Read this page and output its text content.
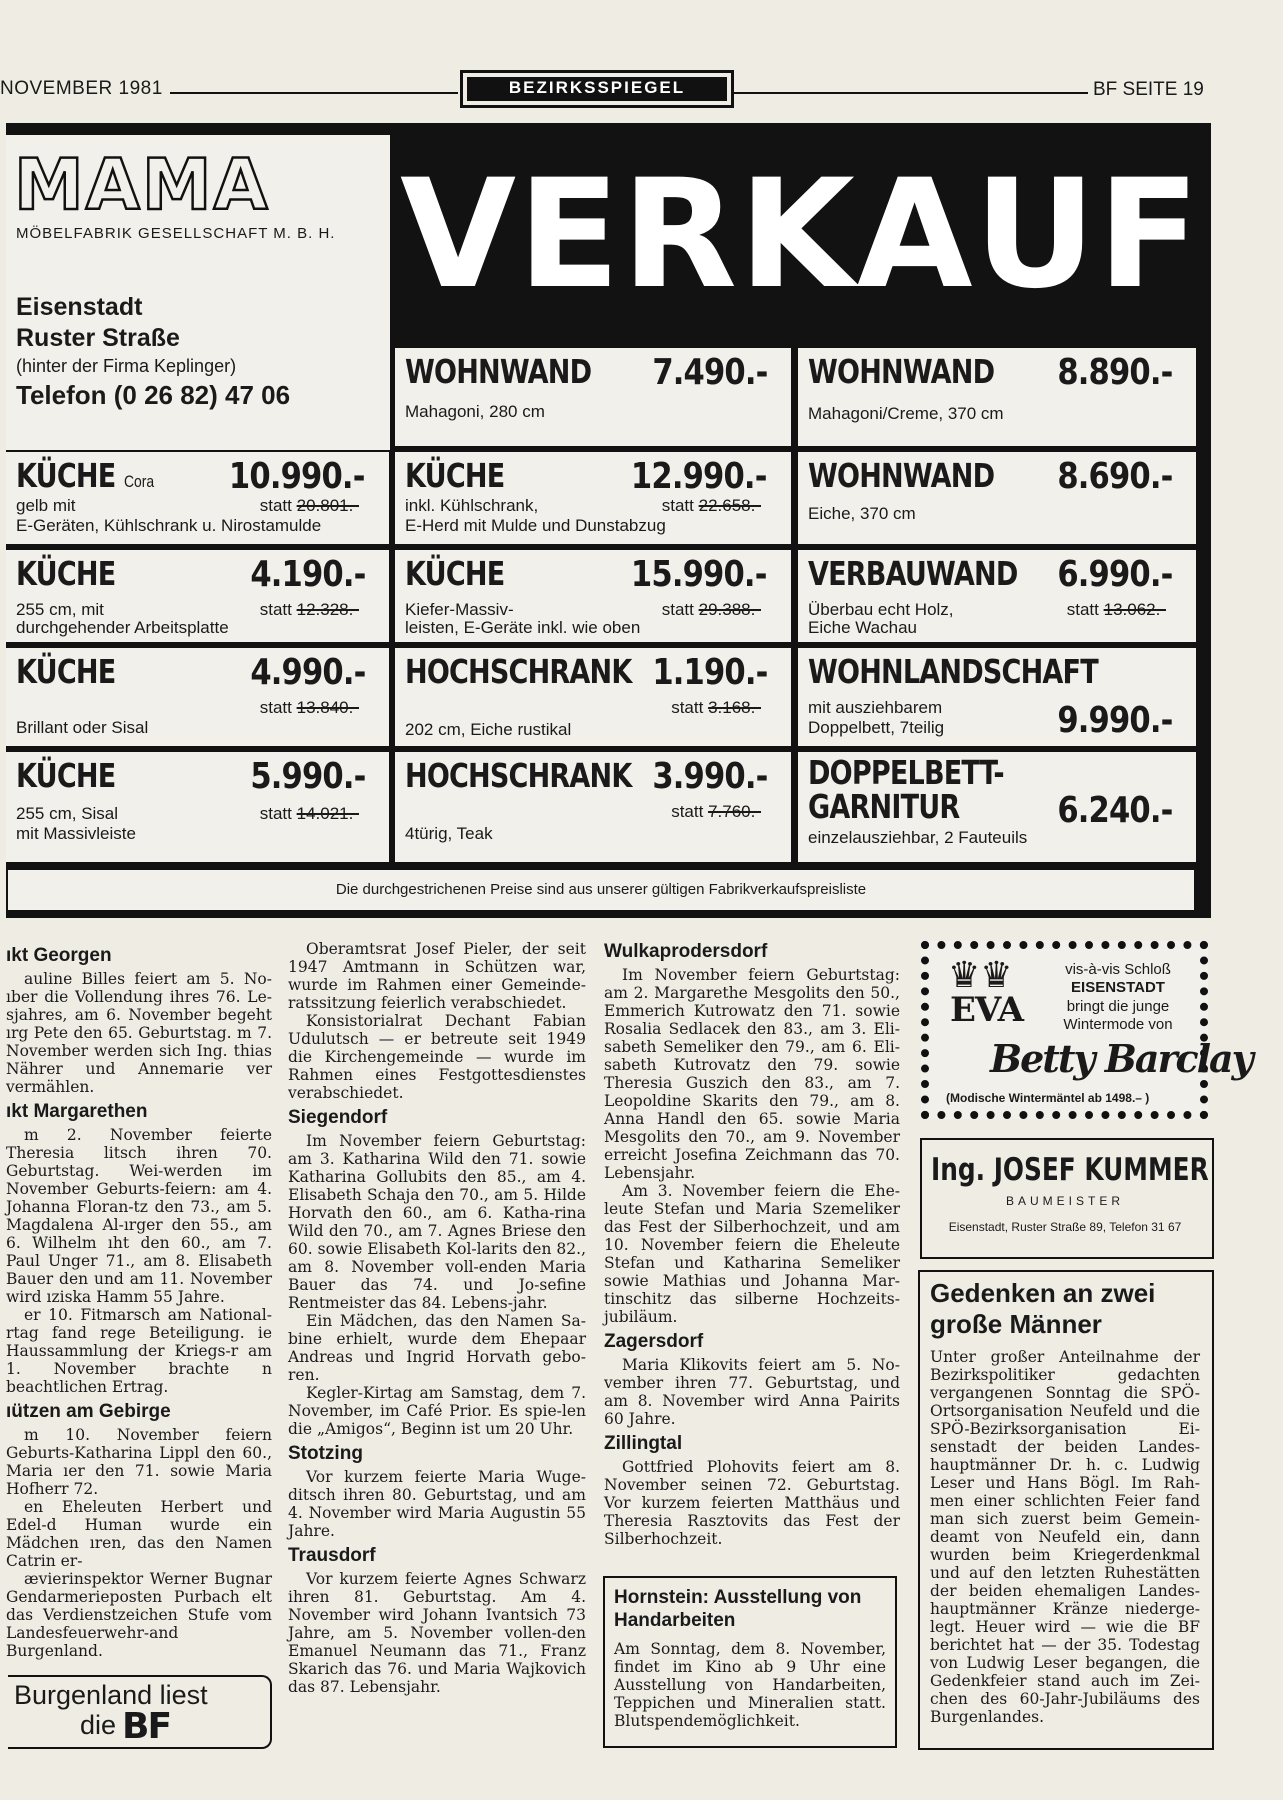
NOVEMBER 1981	BEZIRKSSPIEGEL	BF SEITE 19
MAMA
MÖBELFABRIK GESELLSCHAFT M. B. H.
Eisenstadt
Ruster Straße
(hinter der Firma Keplinger)
Telefon (0 26 82) 47 06
V E R K A U F
WOHNWAND 7.490.-
Mahagoni, 280 cm
WOHNWAND 8.890.-
Mahagoni/Creme, 370 cm
KÜCHE Cora 10.990.-
gelb mit
E-Geräten, Kühlschrank u. Nirostamulde
statt 20.801.-
KÜCHE	12.990.-
inkl. Kühlschrank,
E-Herd mit Mulde und Dunstabzug
statt 22.658.-
WOHNWAND 8.690.-
Eiche, 370 cm
KÜCHE	4.190.-
255 cm, mit
durchgehender Arbeitsplatte
statt 12.328.-
KÜCHE	15.990.-
Kiefer-Massiv-
leisten, E-Geräte inkl. wie oben
statt 29.388.-
VERBAUWAND 6.990.-
Überbau echt Holz,
Eiche Wachau
statt 13.062.-
KÜCHE	4.990.-
Brillant oder Sisal
statt 13.840.-
HOCHSCHRANK 1.190.-
202 cm, Eiche rustikal
statt 3.168.-
WOHNLANDSCHAFT
mit ausziehbarem
Doppelbett, 7teilig	9.990.-
KÜCHE	5.990.-
255 cm, Sisal
mit Massivleiste
statt 14.021.-
HOCHSCHRANK 3.990.-
4türig, Teak
statt 7.760.-
DOPPELBETT-
GARNITUR	6.240.-
einzelausziehbar, 2 Fauteuils
Die durchgestrichenen Preise sind aus unserer gültigen Fabrikverkaufspreisliste
ıkt Georgen

auline Billes feiert am 5. No-ıber die Vollendung ihres 76. Le-sjahres, am 6. November begeht ırg Pete den 65. Geburtstag. m 7. November werden sich Ing. thias Nährer und Annemarie ver vermählen.

ıkt Margarethen

m 2. November feierte Theresia litsch ihren 70. Geburtstag. Wei-werden im November Geburts-feiern: am 4. Johanna Floran-tz den 73., am 5. Magdalena Al-ırger den 55., am 6. Wilhelm ıht den 60., am 7. Paul Unger 71., am 8. Elisabeth Bauer den und am 11. November wird ıziska Hamm 55 Jahre.

er 10. Fitmarsch am National-rtag fand rege Beteiligung. ie Haussammlung der Kriegs-r am 1. November brachte n beachtlichen Ertrag.

ıützen am Gebirge

m 10. November feiern Geburts-Katharina Lippl den 60., Maria ıer den 71. sowie Maria Hofherr 72.

en Eheleuten Herbert und Edel-d Human wurde ein Mädchen ıren, das den Namen Catrin er-

ævierinspektor Werner Bugnar Gendarmerieposten Purbach elt das Verdienstzeichen Stufe vom Landesfeuerwehr-and Burgenland.

Burgenland liest
die BF

Oberamtsrat Josef Pieler, der seit 1947 Amtmann in Schützen war, wurde im Rahmen einer Gemeinde-ratssitzung feierlich verabschiedet.

Konsistorialrat Dechant Fabian Udulutsch — er betreute seit 1949 die Kirchengemeinde — wurde im Rahmen eines Festgottesdienstes verabschiedet.

Siegendorf

Im November feiern Geburtstag: am 3. Katharina Wild den 71. sowie Katharina Gollubits den 85., am 4. Elisabeth Schaja den 70., am 5. Hilde Horvath den 60., am 6. Katha-rina Wild den 70., am 7. Agnes Briese den 60. sowie Elisabeth Kol-larits den 82., am 8. November voll-enden Maria Bauer das 74. und Jo-sefine Rentmeister das 84. Lebens-jahr.

Ein Mädchen, das den Namen Sa-bine erhielt, wurde dem Ehepaar Andreas und Ingrid Horvath gebo-ren.

Kegler-Kirtag am Samstag, dem 7. November, im Café Prior. Es spie-len die „Amigos“, Beginn ist um 20 Uhr.

Stotzing

Vor kurzem feierte Maria Wuge-ditsch ihren 80. Geburtstag, und am 4. November wird Maria Augustin 55 Jahre.

Trausdorf

Vor kurzem feierte Agnes Schwarz ihren 81. Geburtstag. Am 4. November wird Johann Ivantsich 73 Jahre, am 5. November vollen-den Emanuel Neumann das 71., Franz Skarich das 76. und Maria Wajkovich das 87. Lebensjahr.

Wulkaprodersdorf

Im November feiern Geburtstag: am 2. Margarethe Mesgolits den 50., Emmerich Kutrowatz den 71. sowie Rosalia Sedlacek den 83., am 3. Eli-sabeth Semeliker den 79., am 6. Eli-sabeth Kutrovatz den 79. sowie Theresia Guszich den 83., am 7. Leopoldine Skarits den 79., am 8. Anna Handl den 65. sowie Maria Mesgolits den 70., am 9. November erreicht Josefina Zeichmann das 70. Lebensjahr.

Am 3. November feiern die Ehe-leute Stefan und Maria Szemeliker das Fest der Silberhochzeit, und am 10. November feiern die Eheleute Stefan und Katharina Semeliker sowie Mathias und Johanna Mar-tinschitz das silberne Hochzeits-jubiläum.

Zagersdorf

Maria Klikovits feiert am 5. No-vember ihren 77. Geburtstag, und am 8. November wird Anna Pairits 60 Jahre.

Zillingtal

Gottfried Plohovits feiert am 8. November seinen 72. Geburtstag. Vor kurzem feierten Matthäus und Theresia Rasztovits das Fest der Silberhochzeit.

Hornstein: Ausstellung von Handarbeiten
Am Sonntag, dem 8. November, findet im Kino ab 9 Uhr eine Ausstellung von Handarbeiten, Teppichen und Mineralien statt. Blutspendemöglichkeit.
♛♛
EVA
vis-à-vis Schloß
EISENSTADT
bringt die junge
Wintermode von
Betty Barclay
(Modische Wintermäntel ab 1498.– )
Ing. JOSEF KUMMER
BAUMEISTER
Eisenstadt, Ruster Straße 89, Telefon 31 67
Gedenken an zwei große Männer
Unter großer Anteilnahme der Bezirkspolitiker gedachten vergangenen Sonntag die SPÖ-Ortsorganisation Neufeld und die SPÖ-Bezirksorganisation Ei-senstadt der beiden Landes-hauptmänner Dr. h. c. Ludwig Leser und Hans Bögl. Im Rah-men einer schlichten Feier fand man sich zuerst beim Gemein-deamt von Neufeld ein, dann wurden beim Kriegerdenkmal und auf den letzten Ruhestätten der beiden ehemaligen Landes-hauptmänner Kränze niederge-legt. Heuer wird — wie die BF berichtet hat — der 35. Todestag von Ludwig Leser begangen, die Gedenkfeier stand auch im Zei-chen des 60-Jahr-Jubiläums des Burgenlandes.
